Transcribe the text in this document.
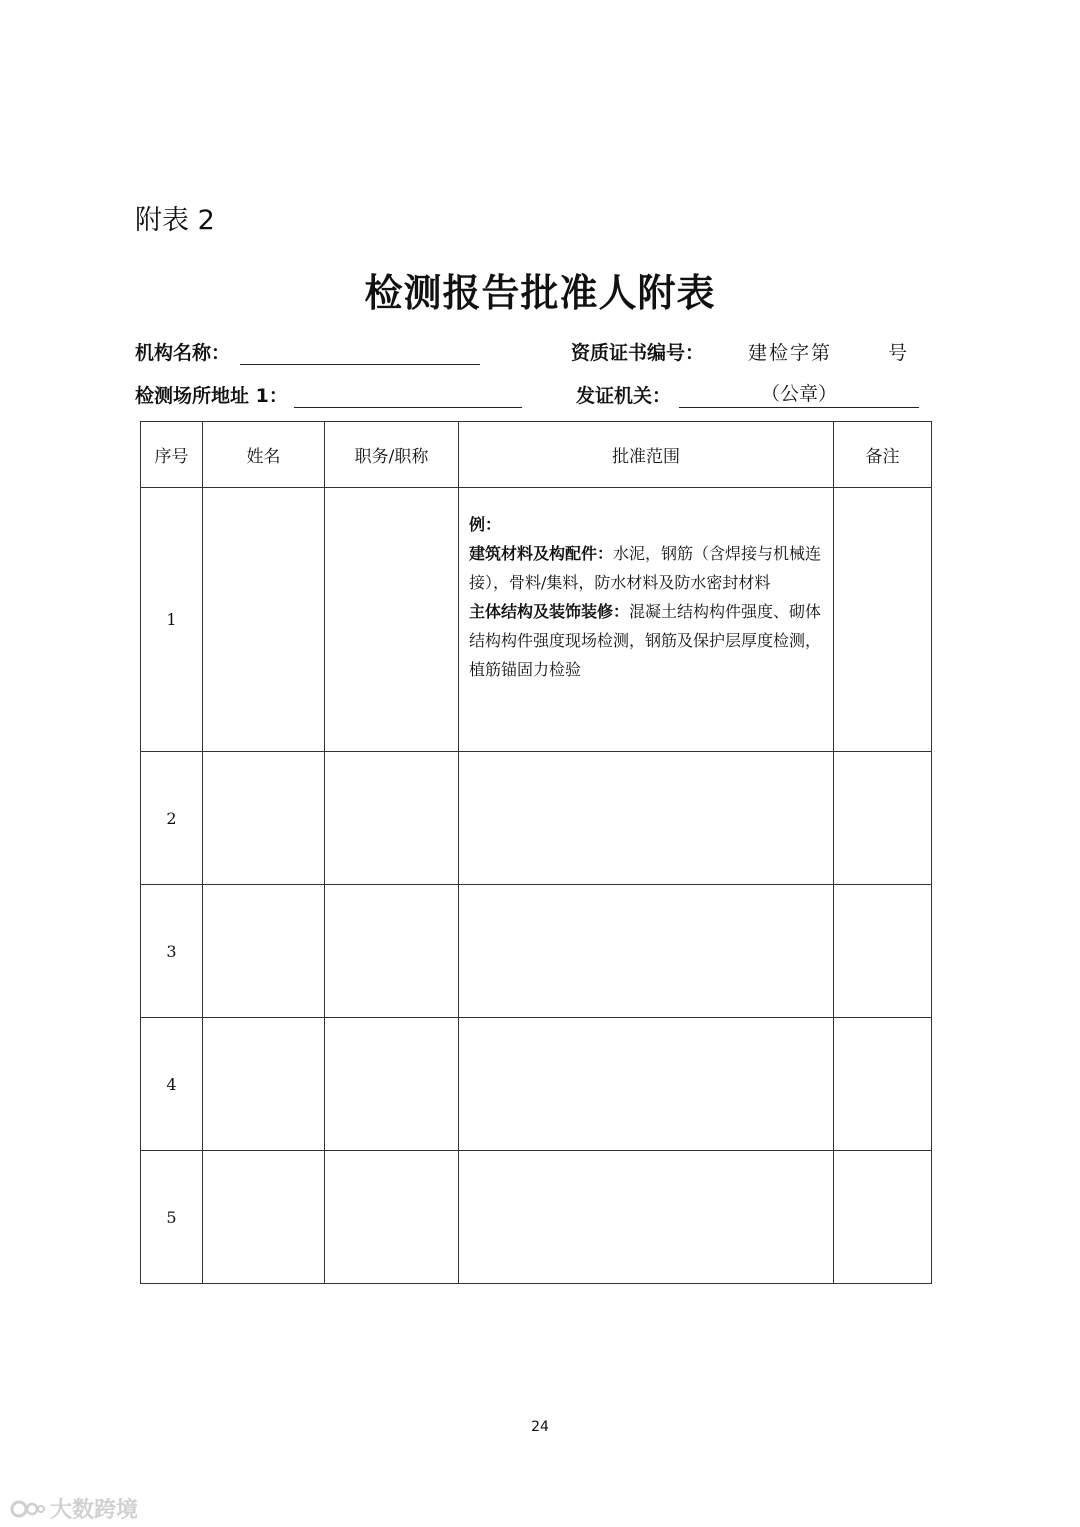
附表 2
检测报告批准人附表
机构名称：	资质证书编号： 建检字第	号
检测场所地址 1：	发证机关：	（公章）
序号	姓名	职务/职称	批准范围	备注
1			例：
建筑材料及构配件：水泥，钢筋（含焊接与机械连接），骨料/集料，防水材料及防水密封材料
主体结构及装饰装修：混凝土结构构件强度、砌体结构构件强度现场检测，钢筋及保护层厚度检测，植筋锚固力检验	

2				
3				
4				
5				
24
大数跨境
